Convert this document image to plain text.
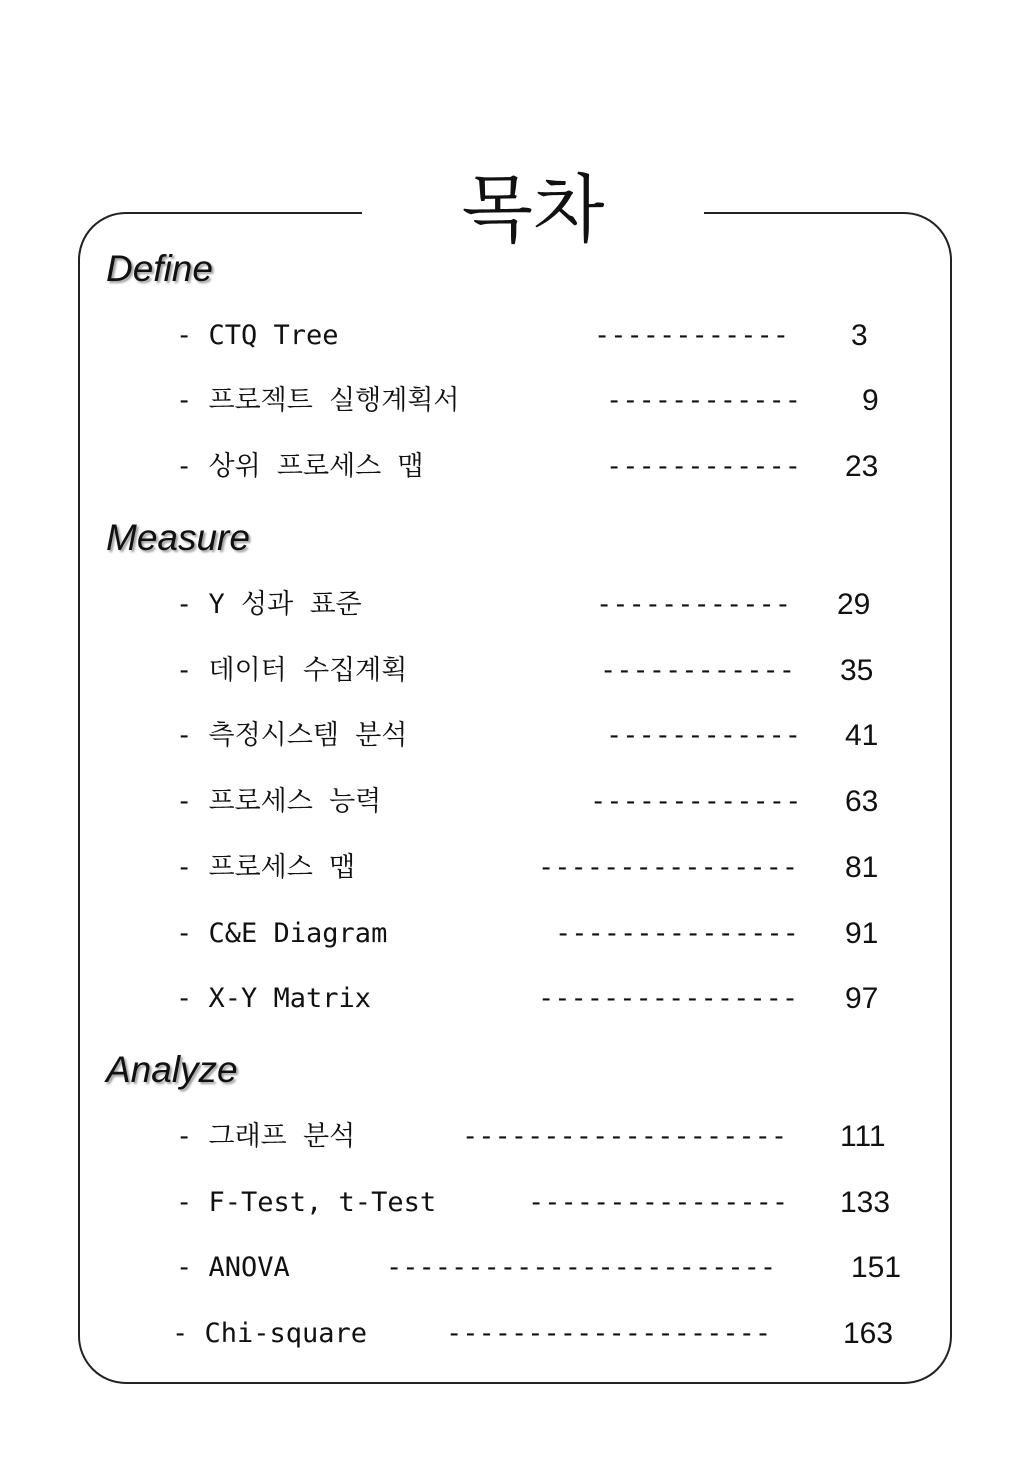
목차
Define
- CTQ Tree	------------ 3
- 프로젝트 실행계획서	------------ 9
- 상위 프로세스 맵	------------ 23
Measure
- Y 성과 표준	------------ 29
- 데이터 수집계획	------------ 35
- 측정시스템 분석	------------ 41
- 프로세스 능력	------------- 63
- 프로세스 맵	---------------- 81
- C&E Diagram	--------------- 91
- X-Y Matrix	---------------- 97
Analyze
- 그래프 분석	-------------------- 111
- F-Test, t-Test	---------------- 133
- ANOVA	------------------------ 151
- Chi-square	-------------------- 163
